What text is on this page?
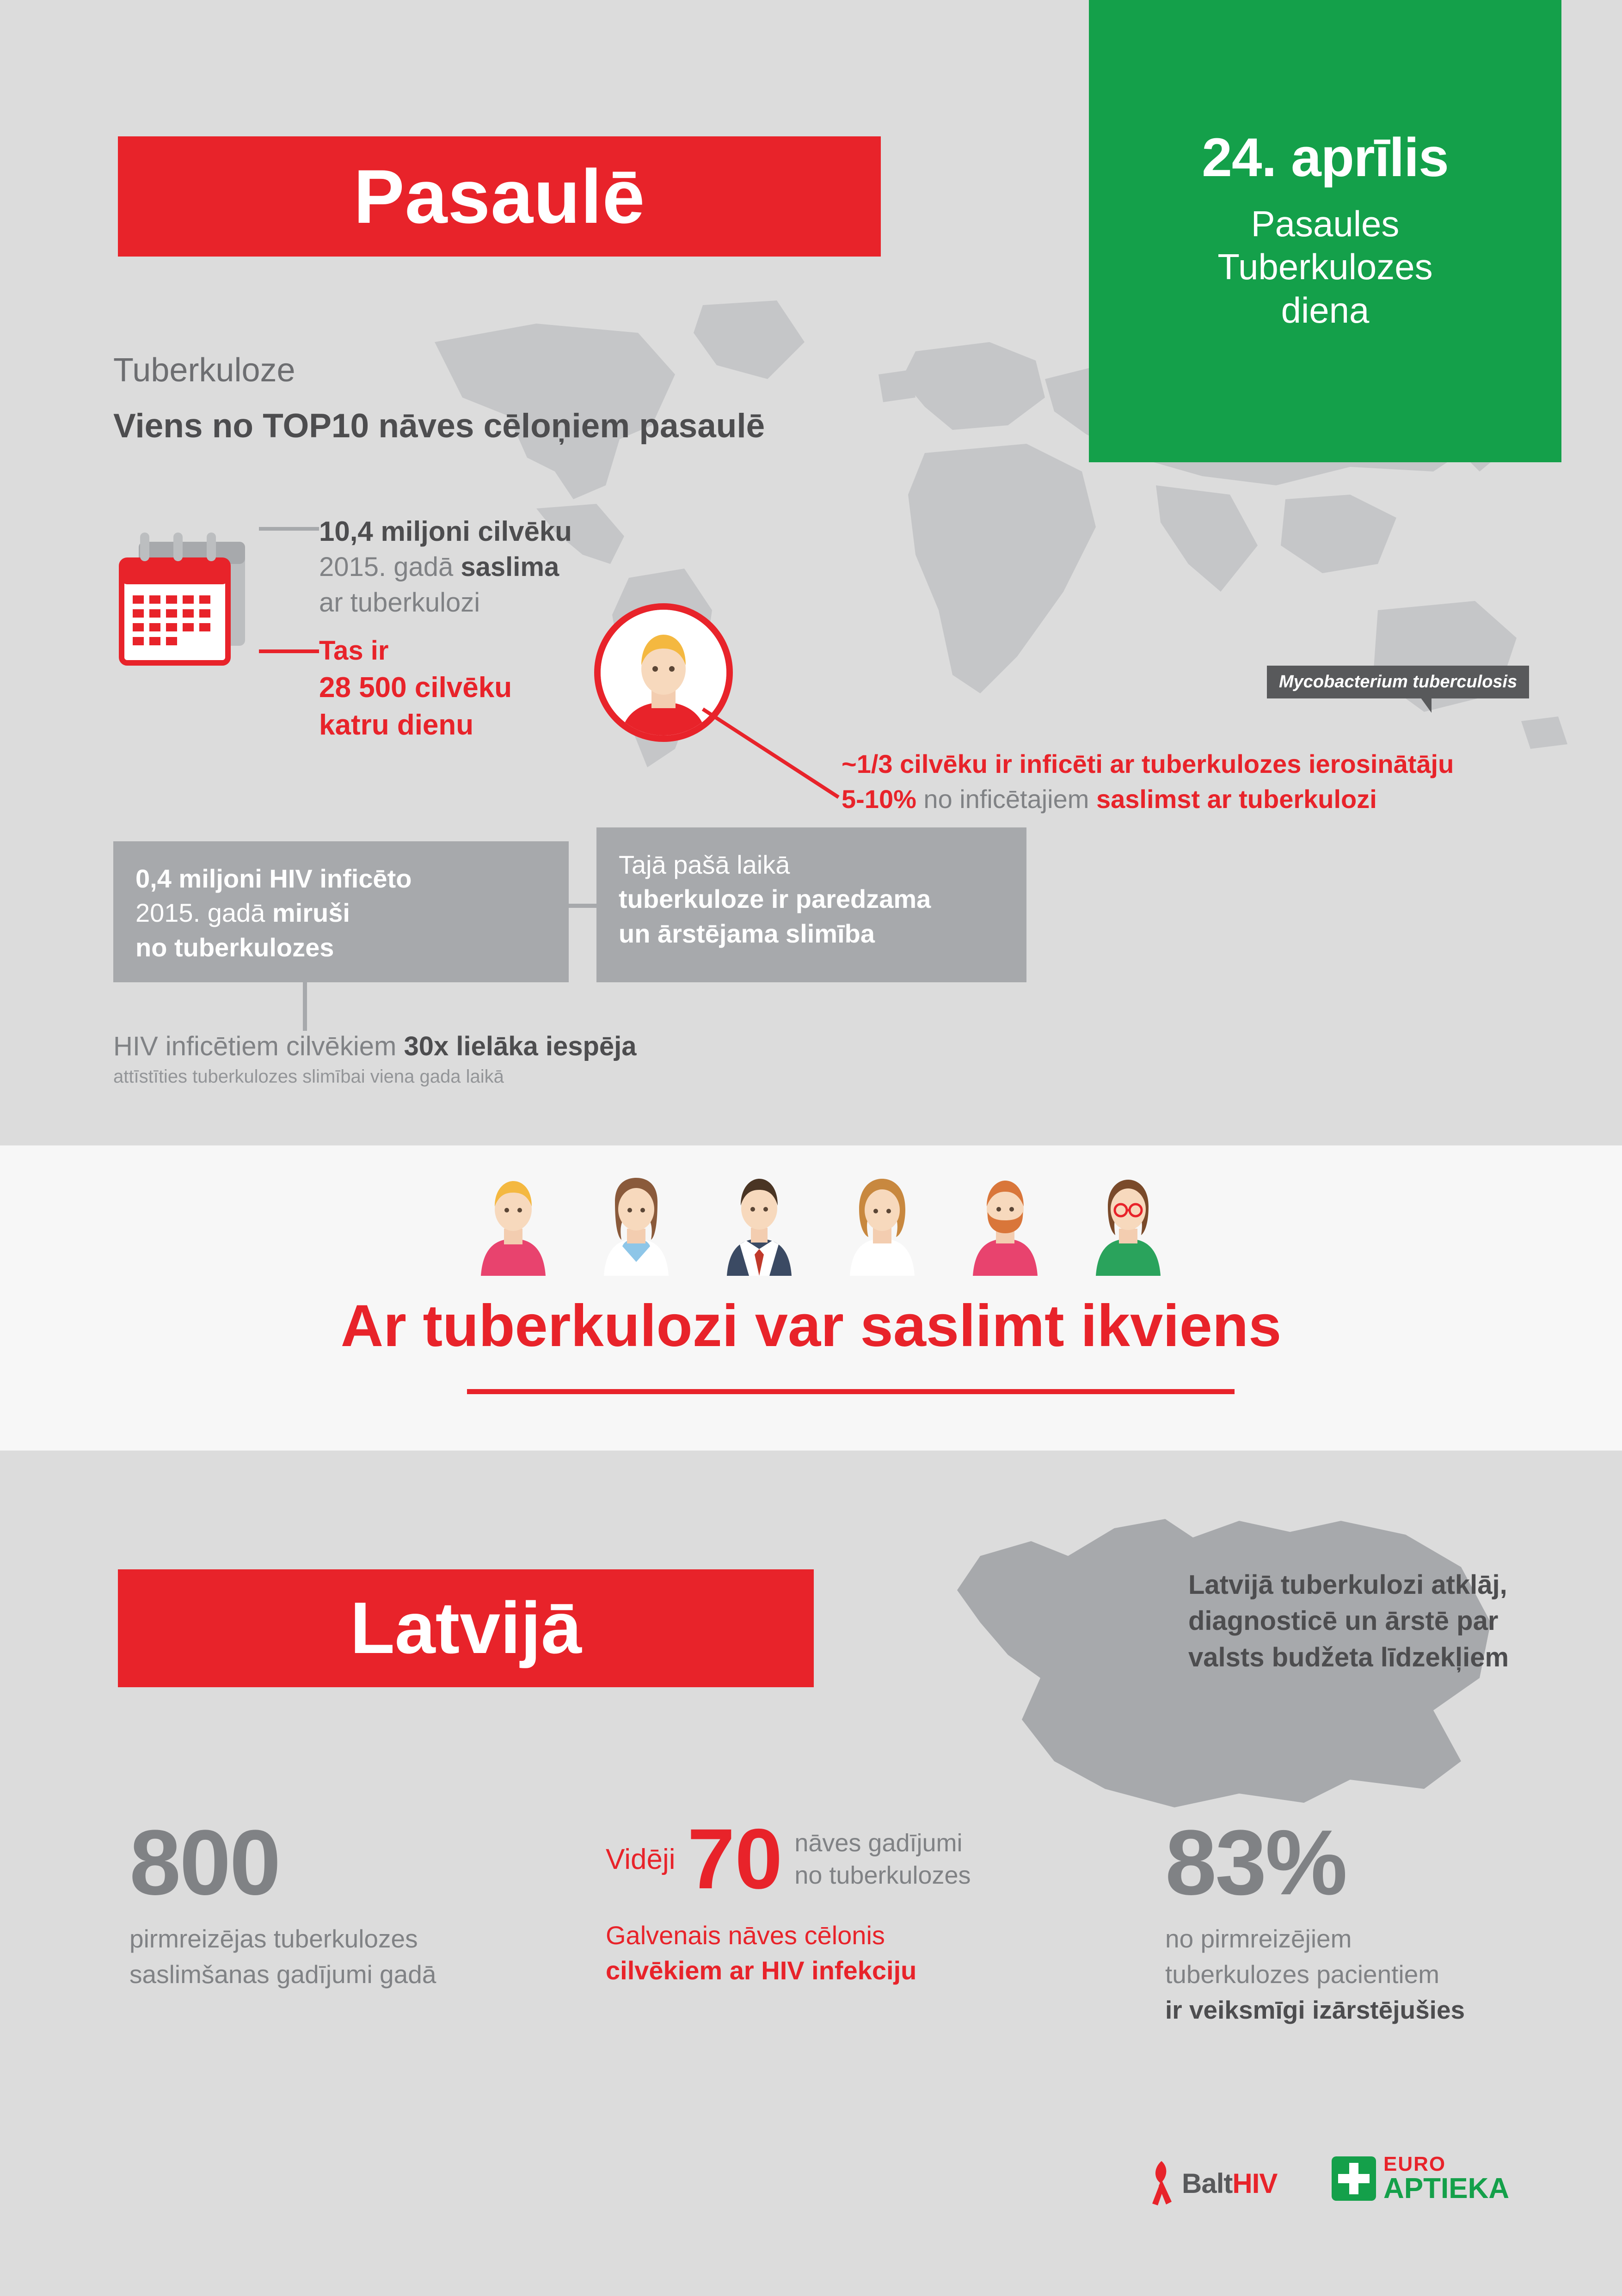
Pasaulē	24. aprīlis
Pasaules
Tuberkulozes
diena
Tuberkuloze
Viens no TOP10 nāves cēloņiem pasaulē
10,4 miljoni cilvēku
2015. gadā saslima
ar tuberkulozi
Tas ir
28 500 cilvēku
katru dienu
~1/3 cilvēku ir inficēti ar tuberkulozes ierosinātāju
5-10% no inficētajiem saslimst ar tuberkulozi
Mycobacterium tuberculosis
0,4 miljoni HIV inficēto
2015. gadā miruši
no tuberkulozes
Tajā pašā laikā
tuberkuloze ir paredzama
un ārstējama slimība
HIV inficētiem cilvēkiem 30x lielāka iespēja
attīstīties tuberkulozes slimībai viena gada laikā
Ar tuberkulozi var saslimt ikviens
Latvijā tuberkulozi atklāj, diagnosticē un ārstē par valsts budžeta līdzekļiem
Latvijā
800
pirmreizējas tuberkulozes
saslimšanas gadījumi gadā
Vidēji 70 nāves gadījumi
no tuberkulozes
Galvenais nāves cēlonis
cilvēkiem ar HIV infekciju
83%
no pirmreizējiem
tuberkulozes pacientiem
ir veiksmīgi izārstējušies
BaltHIV
EURO
APTIEKA
